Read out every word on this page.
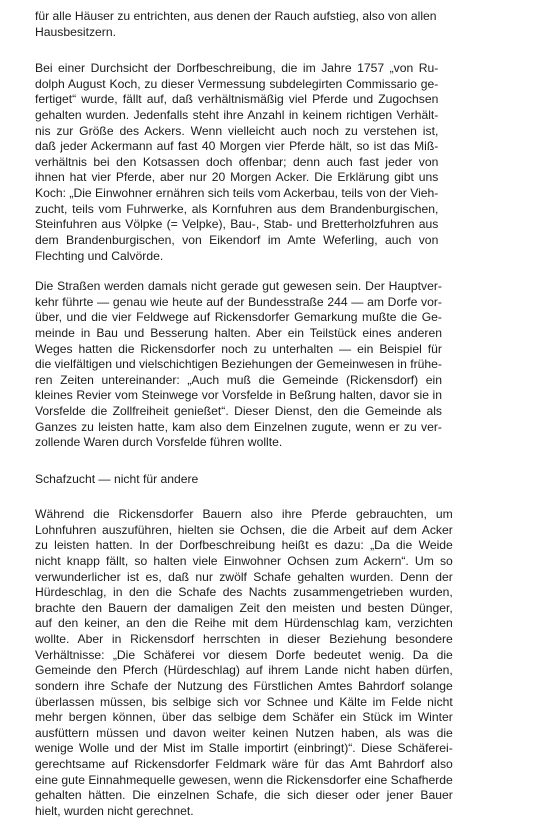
für alle Häuser zu entrichten, aus denen der Rauch aufstieg, also von allen
Hausbesitzern.

Bei einer Durchsicht der Dorfbeschreibung, die im Jahre 1757 „von Ru-
dolph August Koch, zu dieser Vermessung subdelegirten Commissario ge-
fertiget“ wurde, fällt auf, daß verhältnismäßig viel Pferde und Zugochsen
gehalten wurden. Jedenfalls steht ihre Anzahl in keinem richtigen Verhält-
nis zur Größe des Ackers. Wenn vielleicht auch noch zu verstehen ist,
daß jeder Ackermann auf fast 40 Morgen vier Pferde hält, so ist das Miß-
verhältnis bei den Kotsassen doch offenbar; denn auch fast jeder von
ihnen hat vier Pferde, aber nur 20 Morgen Acker. Die Erklärung gibt uns
Koch: „Die Einwohner ernähren sich teils vom Ackerbau, teils von der Vieh-
zucht, teils vom Fuhrwerke, als Kornfuhren aus dem Brandenburgischen,
Steinfuhren aus Völpke (= Velpke), Bau-, Stab- und Bretterholzfuhren aus
dem Brandenburgischen, von Eikendorf im Amte Weferling, auch von
Flechting und Calvörde.

Die Straßen werden damals nicht gerade gut gewesen sein. Der Hauptver-
kehr führte — genau wie heute auf der Bundesstraße 244 — am Dorfe vor-
über, und die vier Feldwege auf Rickensdorfer Gemarkung mußte die Ge-
meinde in Bau und Besserung halten. Aber ein Teilstück eines anderen
Weges hatten die Rickensdorfer noch zu unterhalten — ein Beispiel für
die vielfältigen und vielschichtigen Beziehungen der Gemeinwesen in frühe-
ren Zeiten untereinander: „Auch muß die Gemeinde (Rickensdorf) ein
kleines Revier vom Steinwege vor Vorsfelde in Beßrung halten, davor sie in
Vorsfelde die Zollfreiheit genießet“. Dieser Dienst, den die Gemeinde als
Ganzes zu leisten hatte, kam also dem Einzelnen zugute, wenn er zu ver-
zollende Waren durch Vorsfelde führen wollte.

Schafzucht — nicht für andere

Während die Rickensdorfer Bauern also ihre Pferde gebrauchten, um
Lohnfuhren auszuführen, hielten sie Ochsen, die die Arbeit auf dem Acker
zu leisten hatten. In der Dorfbeschreibung heißt es dazu: „Da die Weide
nicht knapp fällt, so halten viele Einwohner Ochsen zum Ackern“. Um so
verwunderlicher ist es, daß nur zwölf Schafe gehalten wurden. Denn der
Hürdeschlag, in den die Schafe des Nachts zusammengetrieben wurden,
brachte den Bauern der damaligen Zeit den meisten und besten Dünger,
auf den keiner, an den die Reihe mit dem Hürdenschlag kam, verzichten
wollte. Aber in Rickensdorf herrschten in dieser Beziehung besondere
Verhältnisse: „Die Schäferei vor diesem Dorfe bedeutet wenig. Da die
Gemeinde den Pferch (Hürdeschlag) auf ihrem Lande nicht haben dürfen,
sondern ihre Schafe der Nutzung des Fürstlichen Amtes Bahrdorf solange
überlassen müssen, bis selbige sich vor Schnee und Kälte im Felde nicht
mehr bergen können, über das selbige dem Schäfer ein Stück im Winter
ausfüttern müssen und davon weiter keinen Nutzen haben, als was die
wenige Wolle und der Mist im Stalle importirt (einbringt)“. Diese Schäferei-
gerechtsame auf Rickensdorfer Feldmark wäre für das Amt Bahrdorf also
eine gute Einnahmequelle gewesen, wenn die Rickensdorfer eine Schafherde
gehalten hätten. Die einzelnen Schafe, die sich dieser oder jener Bauer
hielt, wurden nicht gerechnet.
